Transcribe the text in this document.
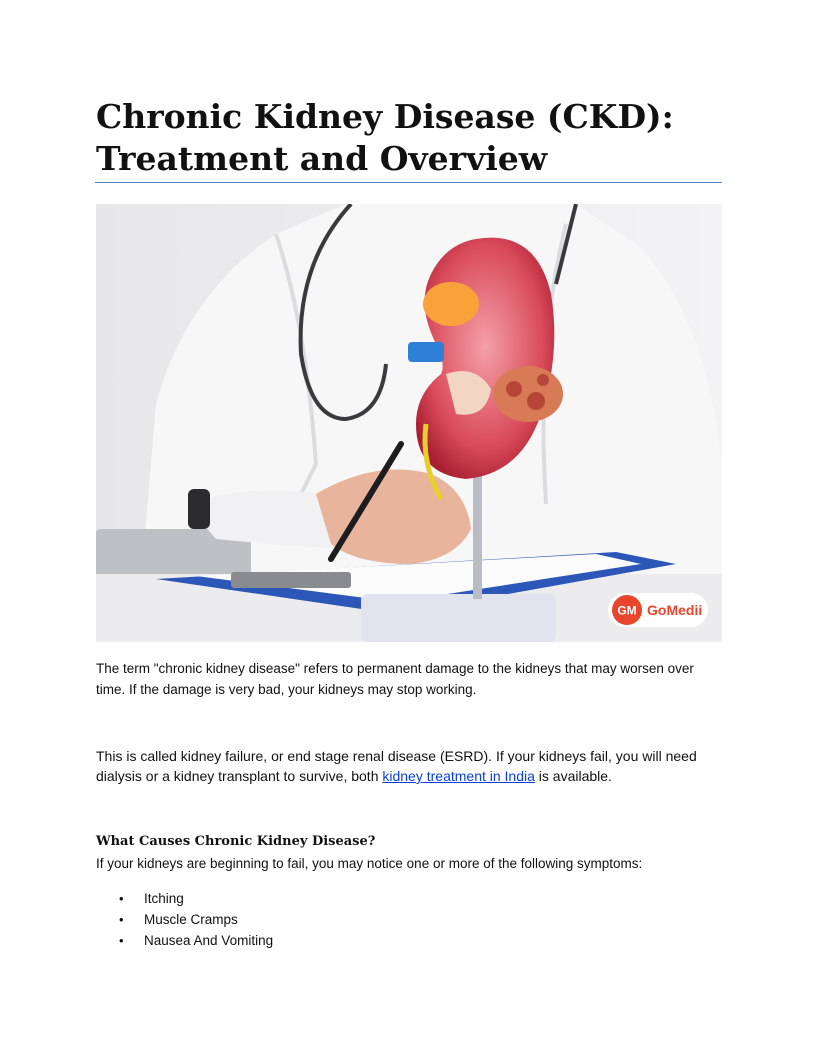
Chronic Kidney Disease (CKD):
Treatment and Overview
GM GoMedii

The term "chronic kidney disease" refers to permanent damage to the kidneys that may worsen over time. If the damage is very bad, your kidneys may stop working.

This is called kidney failure, or end stage renal disease (ESRD). If your kidneys fail, you will need dialysis or a kidney transplant to survive, both kidney treatment in India is available.

What Causes Chronic Kidney Disease?

If your kidneys are beginning to fail, you may notice one or more of the following symptoms:

• Itching
• Muscle Cramps
• Nausea And Vomiting
